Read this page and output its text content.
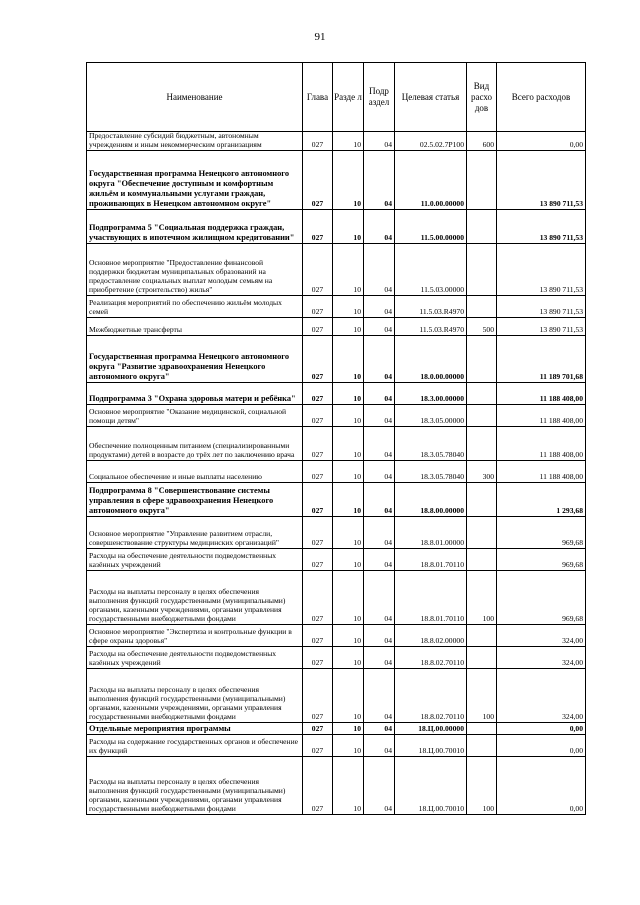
91
Наименование	Глава	Разде л	Подр аздел	Целевая статья	Вид расхо дов	Всего расходов
Предоставление субсидий бюджетным, автономным учреждениям и иным некоммерческим организациям	027	10	04	02.5.02.7Р100	600	0,00
Государственная программа Ненецкого автономного округа "Обеспечение доступным и комфортным жильём и коммунальными услугами граждан, проживающих в Ненецком автономном округе"	027	10	04	11.0.00.00000		13 890 711,53
Подпрограмма 5 "Социальная поддержка граждан, участвующих в ипотечном жилищном кредитовании"	027	10	04	11.5.00.00000		13 890 711,53
Основное мероприятие "Предоставление финансовой поддержки бюджетам муниципальных образований на предоставление социальных выплат молодым семьям на приобретение (строительство) жилья"	027	10	04	11.5.03.00000		13 890 711,53
Реализация мероприятий по обеспечению жильём молодых семей	027	10	04	11.5.03.R4970		13 890 711,53
Межбюджетные трансферты	027	10	04	11.5.03.R4970	500	13 890 711,53
Государственная программа Ненецкого автономного округа "Развитие здравоохранения Ненецкого автономного округа"	027	10	04	18.0.00.00000		11 189 701,68
Подпрограмма 3 "Охрана здоровья матери и ребёнка"	027	10	04	18.3.00.00000		11 188 408,00
Основное мероприятие "Оказание медицинской, социальной помощи детям"	027	10	04	18.3.05.00000		11 188 408,00
Обеспечение полноценным питанием (специализированными продуктами) детей в возрасте до трёх лет по заключению врача	027	10	04	18.3.05.78040		11 188 408,00
Социальное обеспечение и иные выплаты населению	027	10	04	18.3.05.78040	300	11 188 408,00
Подпрограмма 8 "Совершенствование системы управления в сфере здравоохранения Ненецкого автономного округа"	027	10	04	18.8.00.00000		1 293,68
Основное мероприятие "Управление развитием отрасли, совершенствование структуры медицинских организаций"	027	10	04	18.8.01.00000		969,68
Расходы на обеспечение деятельности подведомственных казённых учреждений	027	10	04	18.8.01.70110		969,68
Расходы на выплаты персоналу в целях обеспечения выполнения функций государственными (муниципальными) органами, казенными учреждениями, органами управления государственными внебюджетными фондами	027	10	04	18.8.01.70110	100	969,68
Основное мероприятие "Экспертиза и контрольные функции в сфере охраны здоровья"	027	10	04	18.8.02.00000		324,00
Расходы на обеспечение деятельности подведомственных казённых учреждений	027	10	04	18.8.02.70110		324,00
Расходы на выплаты персоналу в целях обеспечения выполнения функций государственными (муниципальными) органами, казенными учреждениями, органами управления государственными внебюджетными фондами	027	10	04	18.8.02.70110	100	324,00
Отдельные мероприятия программы	027	10	04	18.Ц.00.00000		0,00
Расходы на содержание государственных органов и обеспечение их функций	027	10	04	18.Ц.00.70010		0,00
Расходы на выплаты персоналу в целях обеспечения выполнения функций государственными (муниципальными) органами, казенными учреждениями, органами управления государственными внебюджетными фондами	027	10	04	18.Ц.00.70010	100	0,00
